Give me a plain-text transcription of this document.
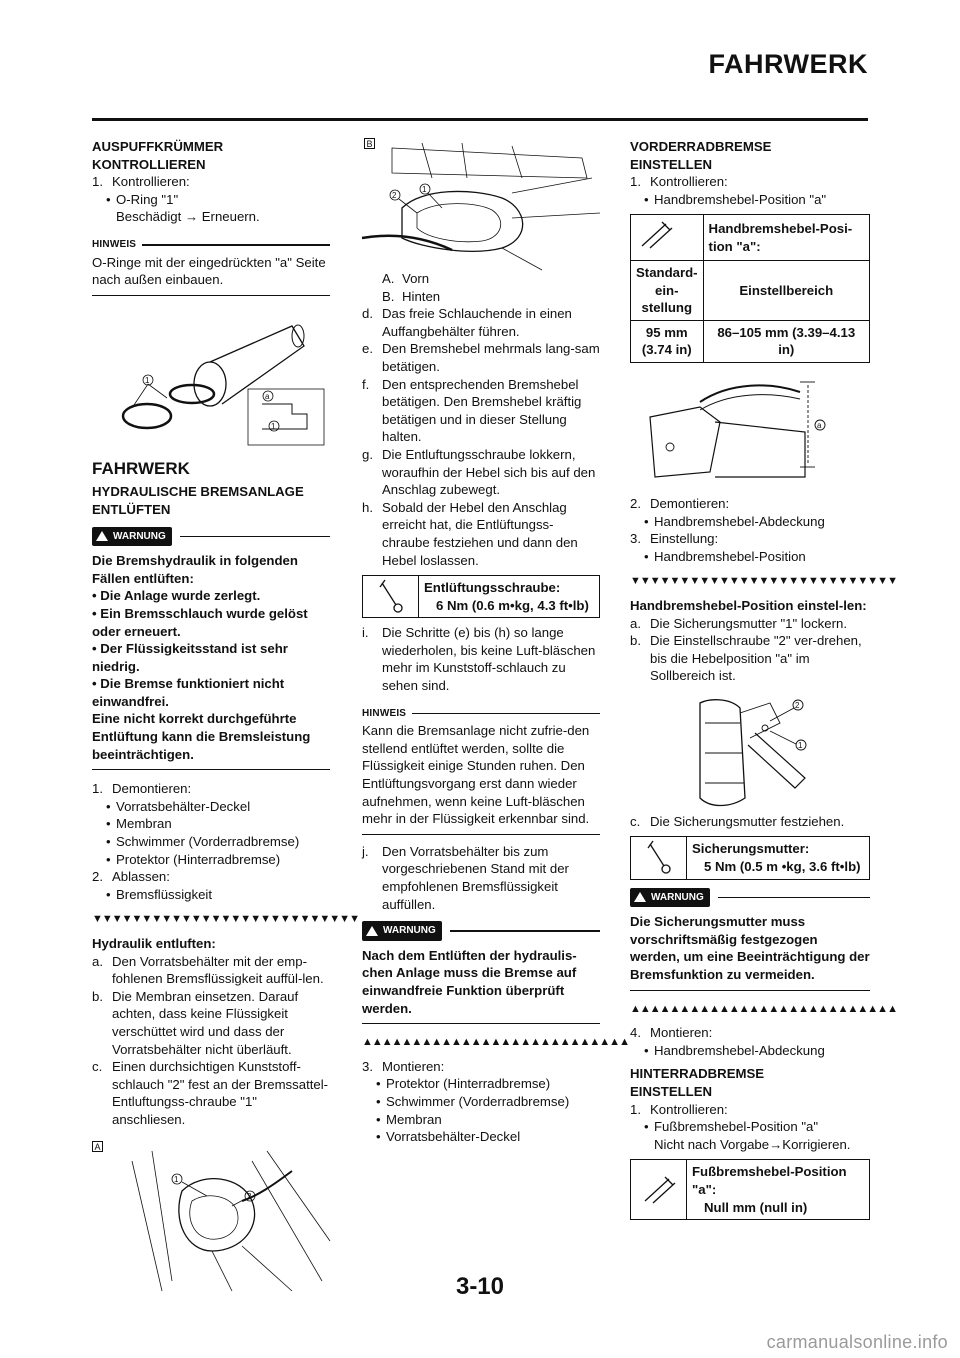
FAHRWERK
AUSPUFFKRÜMMER
KONTROLLIEREN
1. Kontrollieren:
• O-Ring "1"
Beschädigt → Erneuern.
HINWEIS
O-Ringe mit der eingedrückten "a" Seite nach außen einbauen.
1
a
1
FAHRWERK
HYDRAULISCHE BREMSANLAGE
ENTLÜFTEN
WARNUNG
Die Bremshydraulik in folgenden Fällen entlüften:
• Die Anlage wurde zerlegt.
• Ein Bremsschlauch wurde gelöst oder erneuert.
• Der Flüssigkeitsstand ist sehr niedrig.
• Die Bremse funktioniert nicht einwandfrei.
Eine nicht korrekt durchgeführte Entlüftung kann die Bremsleistung beeinträchtigen.
1. Demontieren:
• Vorratsbehälter-Deckel
• Membran
• Schwimmer (Vorderradbremse)
• Protektor (Hinterradbremse)
2. Ablassen:
• Bremsflüssigkeit
▼▼▼▼▼▼▼▼▼▼▼▼▼▼▼▼▼▼▼▼▼▼▼▼▼▼▼
Hydraulik entluften:
a. Den Vorratsbehälter mit der emp-fohlenen Bremsflüssigkeit auffül-len.
b. Die Membran einsetzen. Darauf achten, dass keine Flüssigkeit verschüttet wird und dass der Vorratsbehälter nicht überläuft.
c. Einen durchsichtigen Kunststoff-schlauch "2" fest an der Bremssattel-Entluftungss-chraube "1" anschliesen.
A
1
2
B
2
1
A. Vorn
B. Hinten
d. Das freie Schlauchende in einen Auffangbehälter führen.
e. Den Bremshebel mehrmals lang-sam betätigen.
f. Den entsprechenden Bremshebel betätigen. Den Bremshebel kräftig betätigen und in dieser Stellung halten.
g. Die Entluftungsschraube lokkern, woraufhin der Hebel sich bis auf den Anschlag zubewegt.
h. Sobald der Hebel den Anschlag erreicht hat, die Entlüftungss-chraube festziehen und dann den Hebel loslassen.
Entlüftungsschraube:
6 Nm (0.6 m•kg, 4.3 ft•lb)
i.	Die Schritte (e) bis (h) so lange wiederholen, bis keine Luft-bläschen mehr im Kunststoff-schlauch zu sehen sind.
HINWEIS
Kann die Bremsanlage nicht zufrie-den stellend entlüftet werden, sollte die Flüssigkeit einige Stunden ruhen. Den Entlüftungsvorgang erst dann wieder aufnehmen, wenn keine Luft-bläschen mehr in der Flüssigkeit erkennbar sind.
j.	Den Vorratsbehälter bis zum vorgeschriebenen Stand mit der empfohlenen Bremsflüssigkeit auffüllen.
WARNUNG
Nach dem Entlüften der hydraulis-chen Anlage muss die Bremse auf einwandfreie Funktion überprüft werden.
▲▲▲▲▲▲▲▲▲▲▲▲▲▲▲▲▲▲▲▲▲▲▲▲▲▲▲
3. Montieren:
• Protektor (Hinterradbremse)
• Schwimmer (Vorderradbremse)
• Membran
• Vorratsbehälter-Deckel
VORDERRADBREMSE
EINSTELLEN
1. Kontrollieren:
• Handbremshebel-Position "a"
	Handbremshebel-Posi-tion "a":
Standard-ein-stellung	Einstellbereich
95 mm (3.74 in)	86–105 mm (3.39–4.13 in)
a
2. Demontieren:
• Handbremshebel-Abdeckung
3. Einstellung:
• Handbremshebel-Position
▼▼▼▼▼▼▼▼▼▼▼▼▼▼▼▼▼▼▼▼▼▼▼▼▼▼▼
Handbremshebel-Position einstel-len:
a. Die Sicherungsmutter "1" lockern.
b. Die Einstellschraube "2" ver-drehen, bis die Hebelposition "a" im Sollbereich ist.
2
1
c. Die Sicherungsmutter festziehen.
Sicherungsmutter:
5 Nm (0.5 m •kg, 3.6 ft•lb)
WARNUNG
Die Sicherungsmutter muss vorschriftsmäßig festgezogen werden, um eine Beeinträchtigung der Bremsfunktion zu vermeiden.
▲▲▲▲▲▲▲▲▲▲▲▲▲▲▲▲▲▲▲▲▲▲▲▲▲▲▲
4. Montieren:
• Handbremshebel-Abdeckung
HINTERRADBREMSE
EINSTELLEN
1. Kontrollieren:
• Fußbremshebel-Position "a"
Nicht nach Vorgabe→Korrigieren.
Fußbremshebel-Position "a":
Null mm (null in)
3-10
carmanualsonline.info
